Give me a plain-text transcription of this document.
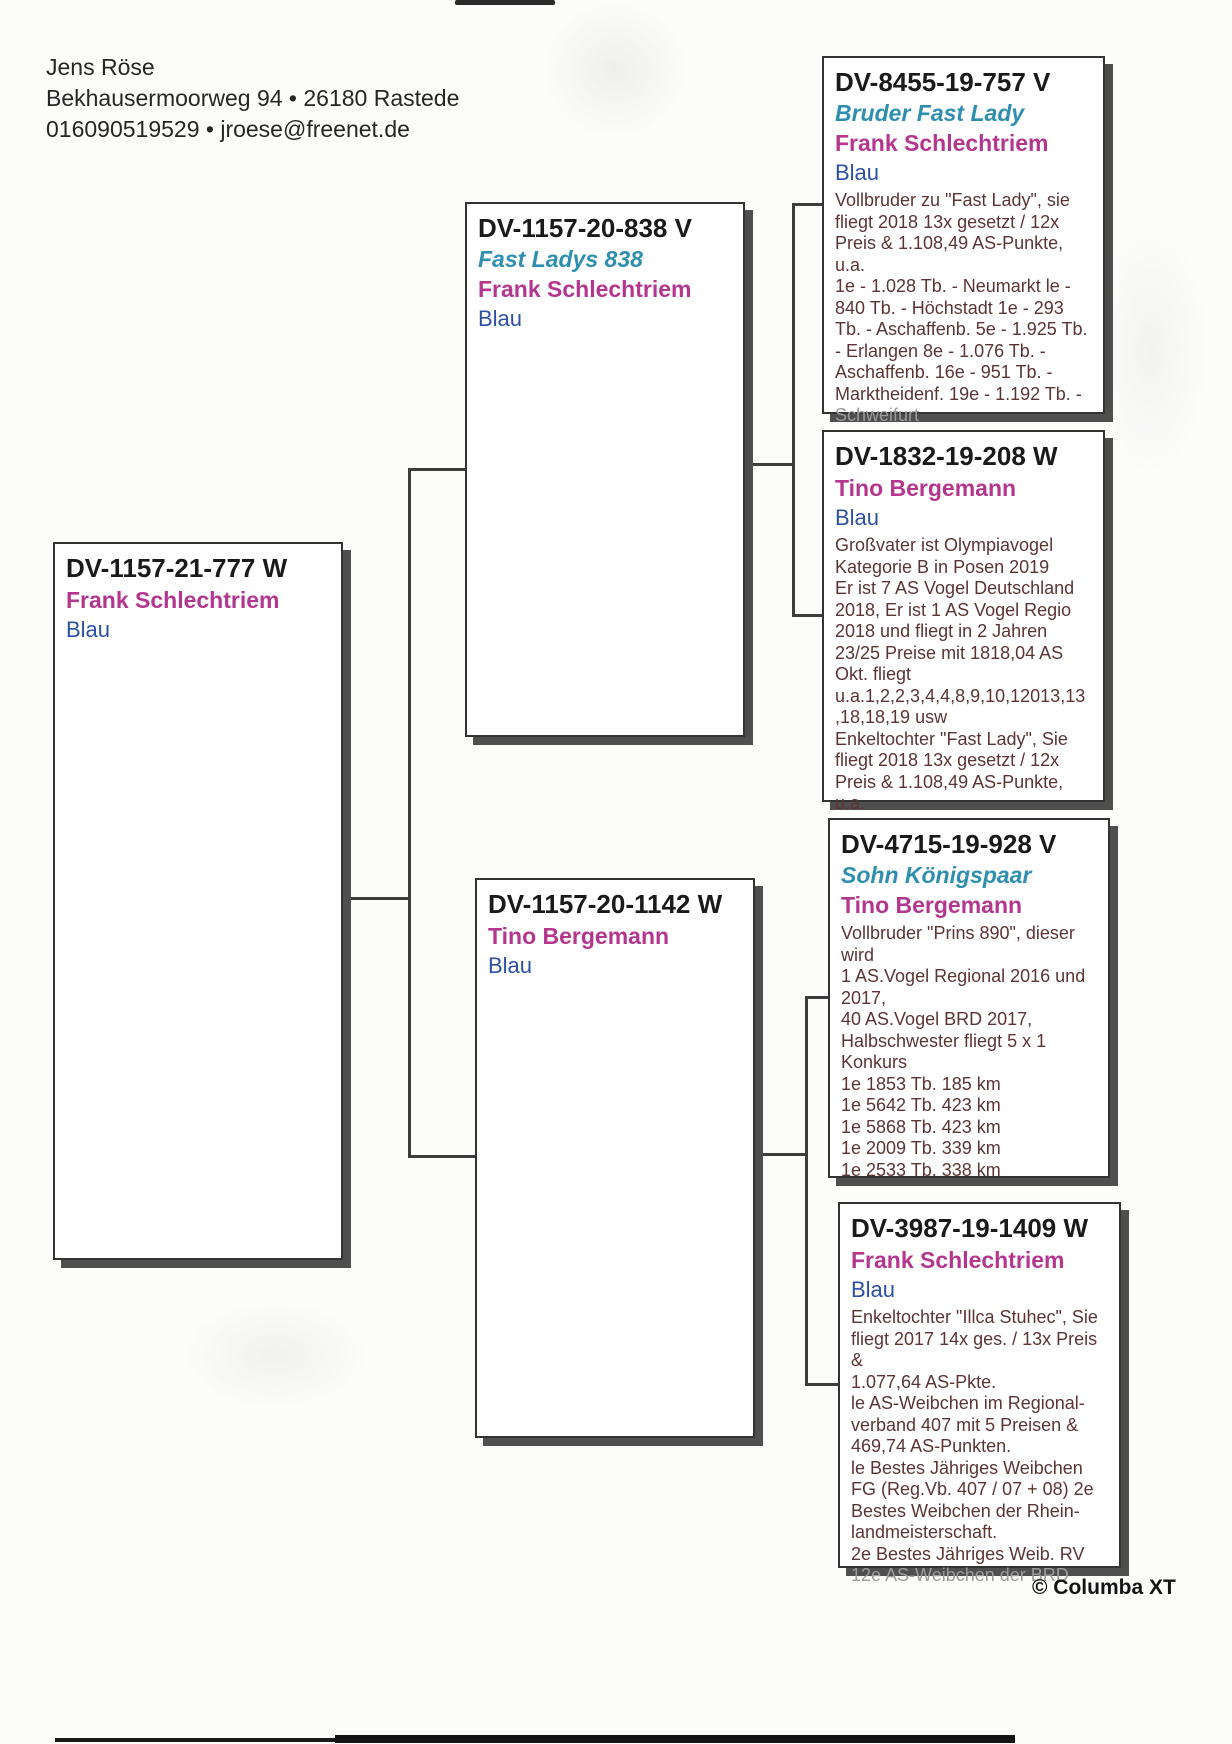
Jens Röse
Bekhausermoorweg 94 • 26180 Rastede
016090519529 • jroese@freenet.de
DV-1157-21-777 W
Frank Schlechtriem
Blau
DV-1157-20-838 V
Fast Ladys 838
Frank Schlechtriem
Blau
DV-1157-20-1142 W
Tino Bergemann
Blau
DV-8455-19-757 V
Bruder Fast Lady
Frank Schlechtriem
Blau
Vollbruder zu "Fast Lady", sie
fliegt 2018 13x gesetzt / 12x
Preis & 1.108,49 AS-Punkte,
u.a.
1e - 1.028 Tb. - Neumarkt le -
840 Tb. - Höchstadt 1e - 293
Tb. - Aschaffenb. 5e - 1.925 Tb.
- Erlangen 8e - 1.076 Tb. -
Aschaffenb. 16e - 951 Tb. -
Marktheidenf. 19e - 1.192 Tb. -
Schweifurt
DV-1832-19-208 W
Tino Bergemann
Blau
Großvater ist Olympiavogel
Kategorie B in Posen 2019
Er ist 7 AS Vogel Deutschland
2018, Er ist 1 AS Vogel Regio
2018 und fliegt in 2 Jahren
23/25 Preise mit 1818,04 AS
Okt. fliegt
u.a.1,2,2,3,4,4,8,9,10,12013,13
,18,18,19 usw
Enkeltochter "Fast Lady", Sie
fliegt 2018 13x gesetzt / 12x
Preis & 1.108,49 AS-Punkte,
u.a.
DV-4715-19-928 V
Sohn Königspaar
Tino Bergemann
Vollbruder "Prins 890", dieser
wird
1 AS.Vogel Regional 2016 und
2017,
40 AS.Vogel BRD 2017,
Halbschwester fliegt 5 x 1
Konkurs
1e 1853 Tb. 185 km
1e 5642 Tb. 423 km
1e 5868 Tb. 423 km
1e 2009 Tb. 339 km
1e 2533 Tb. 338 km
DV-3987-19-1409 W
Frank Schlechtriem
Blau
Enkeltochter "Illca Stuhec", Sie
fliegt 2017 14x ges. / 13x Preis
&
1.077,64 AS-Pkte.
le AS-Weibchen im Regional-
verband 407 mit 5 Preisen &
469,74 AS-Punkten.
le Bestes Jähriges Weibchen
FG (Reg.Vb. 407 / 07 + 08) 2e
Bestes Weibchen der Rhein-
landmeisterschaft.
2e Bestes Jähriges Weib. RV
12e AS-Weibchen der BRD
© Columba XT
